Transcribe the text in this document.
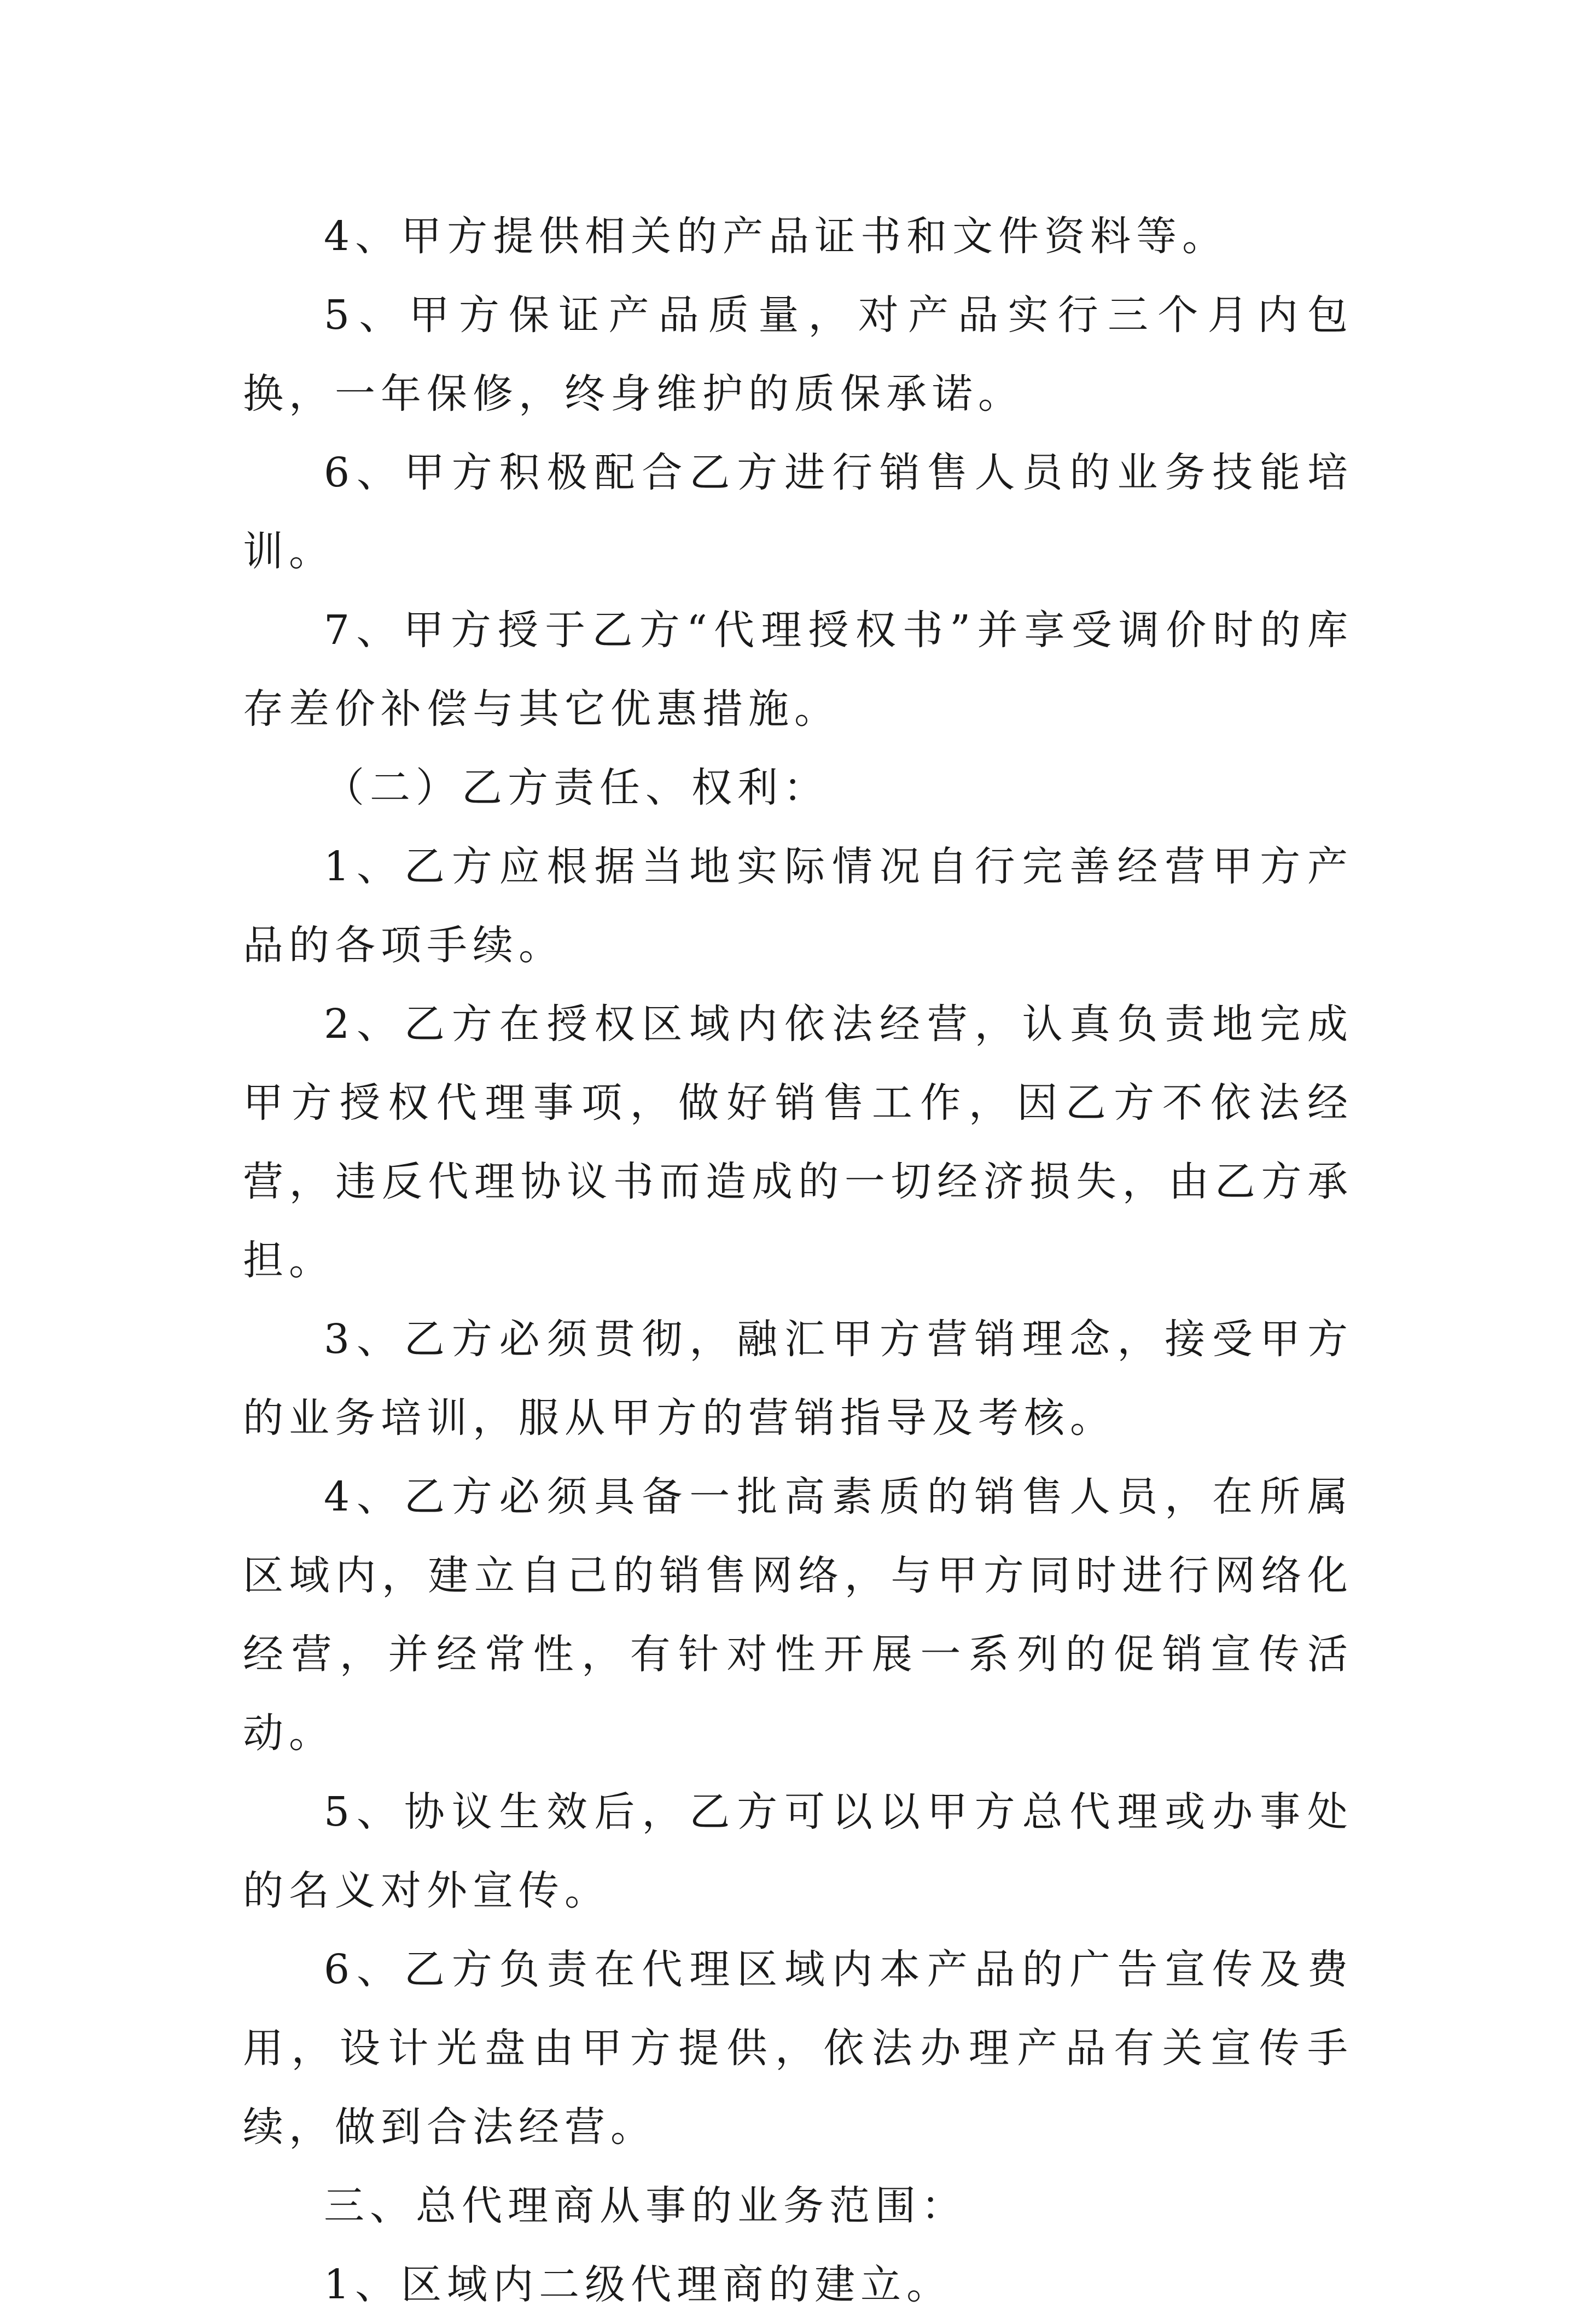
4、甲方提供相关的产品证书和文件资料等。

5、甲方保证产品质量，对产品实行三个月内包换，一年保修，终身维护的质保承诺。

6、甲方积极配合乙方进行销售人员的业务技能培训。

7、甲方授于乙方“代理授权书”并享受调价时的库存差价补偿与其它优惠措施。

（二）乙方责任、权利：

1、乙方应根据当地实际情况自行完善经营甲方产品的各项手续。

2、乙方在授权区域内依法经营，认真负责地完成甲方授权代理事项，做好销售工作，因乙方不依法经营，违反代理协议书而造成的一切经济损失，由乙方承担。

3、乙方必须贯彻，融汇甲方营销理念，接受甲方的业务培训，服从甲方的营销指导及考核。

4、乙方必须具备一批高素质的销售人员，在所属区域内，建立自己的销售网络，与甲方同时进行网络化经营，并经常性，有针对性开展一系列的促销宣传活动。

5、协议生效后，乙方可以以甲方总代理或办事处的名义对外宣传。

6、乙方负责在代理区域内本产品的广告宣传及费用，设计光盘由甲方提供，依法办理产品有关宣传手续，做到合法经营。

三、总代理商从事的业务范围：

1、区域内二级代理商的建立。
